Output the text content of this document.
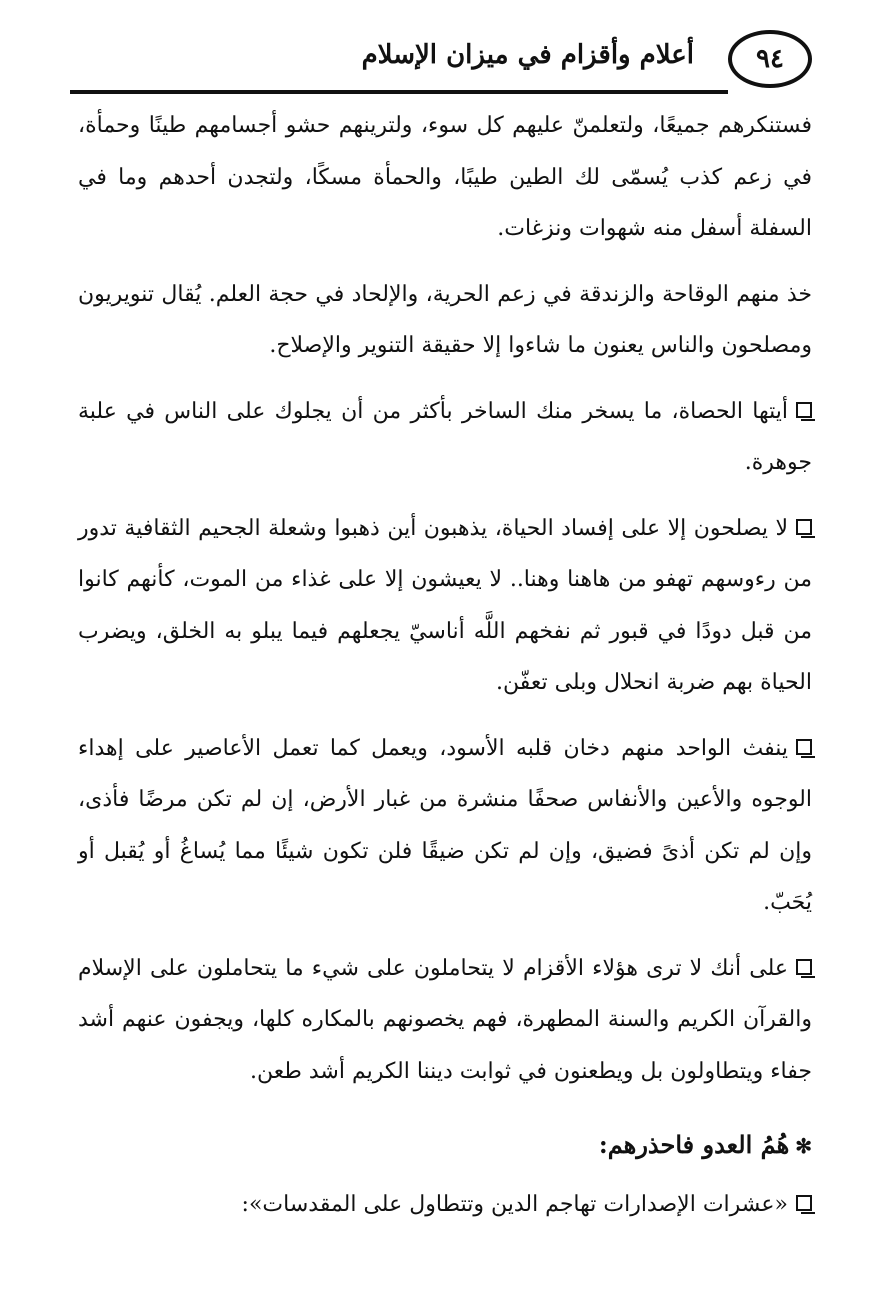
٩٤
أعلام وأقزام في ميزان الإسلام

فستنكرهم جميعًا، ولتعلمنّ عليهم كل سوء، ولترينهم حشو أجسامهم طينًا وحمأة، في زعم كذب يُسمّى لك الطين طيبًا، والحمأة مسكًا، ولتجدن أحدهم وما في السفلة أسفل منه شهوات ونزغات.

خذ منهم الوقاحة والزندقة في زعم الحرية، والإلحاد في حجة العلم. يُقال تنويريون ومصلحون والناس يعنون ما شاءوا إلا حقيقة التنوير والإصلاح.

أيتها الحصاة، ما يسخر منك الساخر بأكثر من أن يجلوك على الناس في علبة جوهرة.

لا يصلحون إلا على إفساد الحياة، يذهبون أين ذهبوا وشعلة الجحيم الثقافية تدور من رءوسهم تهفو من هاهنا وهنا.. لا يعيشون إلا على غذاء من الموت، كأنهم كانوا من قبل دودًا في قبور ثم نفخهم اللَّه أناسيّ يجعلهم فيما يبلو به الخلق، ويضرب الحياة بهم ضربة انحلال وبلى تعفّن.

ينفث الواحد منهم دخان قلبه الأسود، ويعمل كما تعمل الأعاصير على إهداء الوجوه والأعين والأنفاس صحفًا منشرة من غبار الأرض، إن لم تكن مرضًا فأذى، وإن لم تكن أذىً فضيق، وإن لم تكن ضيقًا فلن تكون شيئًا مما يُساغُ أو يُقبل أو يُحَبّ.

على أنك لا ترى هؤلاء الأقزام لا يتحاملون على شيء ما يتحاملون على الإسلام والقرآن الكريم والسنة المطهرة، فهم يخصونهم بالمكاره كلها، ويجفون عنهم أشد جفاء ويتطاولون بل ويطعنون في ثوابت ديننا الكريم أشد طعن.

✻هُمُ العدو فاحذرهم:

«عشرات الإصدارات تهاجم الدين وتتطاول على المقدسات»:
